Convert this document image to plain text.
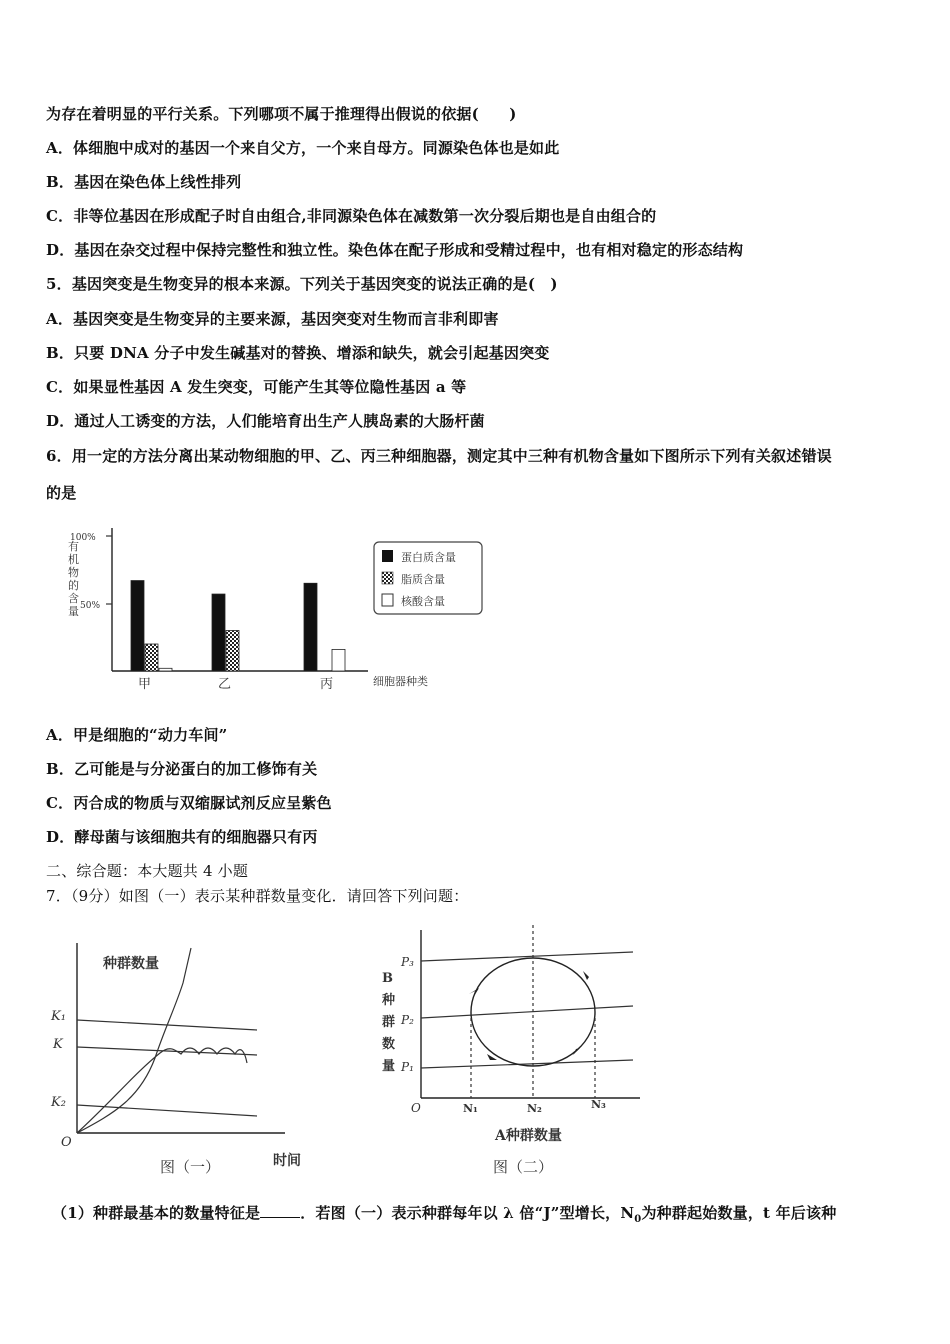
为存在着明显的平行关系。下列哪项不属于推理得出假说的依据(　　)
A．体细胞中成对的基因一个来自父方，一个来自母方。同源染色体也是如此
B．基因在染色体上线性排列
C．非等位基因在形成配子时自由组合,非同源染色体在减数第一次分裂后期也是自由组合的
D．基因在杂交过程中保持完整性和独立性。染色体在配子形成和受精过程中，也有相对稳定的形态结构
5．基因突变是生物变异的根本来源。下列关于基因突变的说法正确的是(　)
A．基因突变是生物变异的主要来源，基因突变对生物而言非利即害
B．只要 DNA 分子中发生碱基对的替换、增添和缺失，就会引起基因突变
C．如果显性基因 A 发生突变，可能产生其等位隐性基因 a 等
D．通过人工诱变的方法，人们能培育出生产人胰岛素的大肠杆菌
6．用一定的方法分离出某动物细胞的甲、乙、丙三种细胞器，测定其中三种有机物含量如下图所示下列有关叙述错误
的是
有
机
物
的
含
量
100%
50%
甲	乙	丙	细胞器种类
蛋白质含量
脂质含量
核酸含量
A．甲是细胞的“动力车间”
B．乙可能是与分泌蛋白的加工修饰有关
C．丙合成的物质与双缩脲试剂反应呈紫色
D．酵母菌与该细胞共有的细胞器只有丙
二、综合题：本大题共 4 小题
7．（9分）如图（一）表示某种群数量变化．请回答下列问题：
种群数量
K₁
K
K₂
O
图（一）	时间
B
种
群
数
量
P₃
P₂
P₁
O	N₁	N₂	N₃
A种群数量
图（二）
（1）种群最基本的数量特征是	．若图（一）表示种群每年以 λ 倍“J”型增长，$N_0$为种群起始数量，t 年后该种
